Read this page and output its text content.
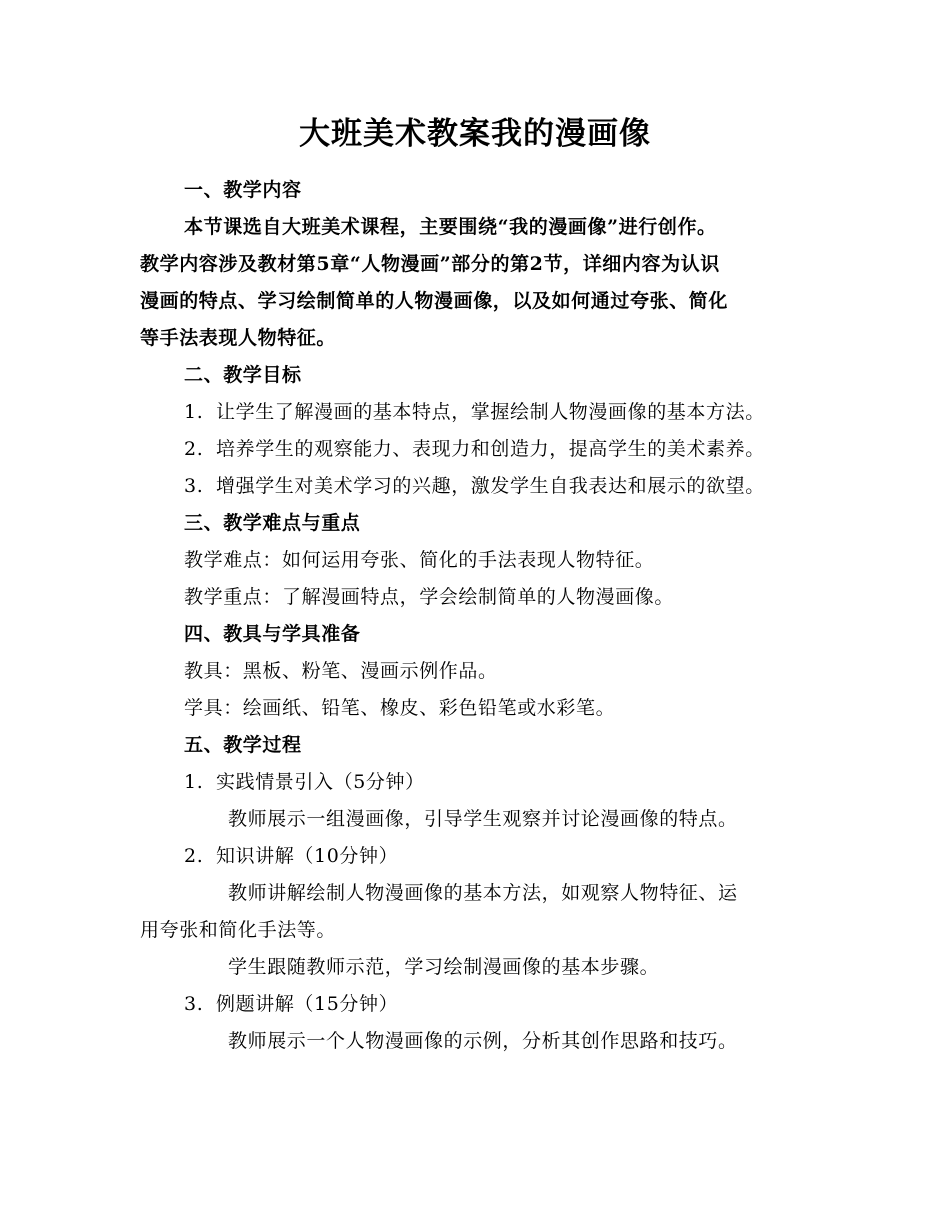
大班美术教案我的漫画像
一、教学内容
本节课选自大班美术课程，主要围绕“我的漫画像”进行创作。
教学内容涉及教材第5章“人物漫画”部分的第2节，详细内容为认识
漫画的特点、学习绘制简单的人物漫画像，以及如何通过夸张、简化
等手法表现人物特征。
二、教学目标
1. 让学生了解漫画的基本特点，掌握绘制人物漫画像的基本方法。
2. 培养学生的观察能力、表现力和创造力，提高学生的美术素养。
3. 增强学生对美术学习的兴趣，激发学生自我表达和展示的欲望。
三、教学难点与重点
教学难点：如何运用夸张、简化的手法表现人物特征。
教学重点：了解漫画特点，学会绘制简单的人物漫画像。
四、教具与学具准备
教具：黑板、粉笔、漫画示例作品。
学具：绘画纸、铅笔、橡皮、彩色铅笔或水彩笔。
五、教学过程
1. 实践情景引入（5分钟）
教师展示一组漫画像，引导学生观察并讨论漫画像的特点。
2. 知识讲解（10分钟）
教师讲解绘制人物漫画像的基本方法，如观察人物特征、运
用夸张和简化手法等。
学生跟随教师示范，学习绘制漫画像的基本步骤。
3. 例题讲解（15分钟）
教师展示一个人物漫画像的示例，分析其创作思路和技巧。
